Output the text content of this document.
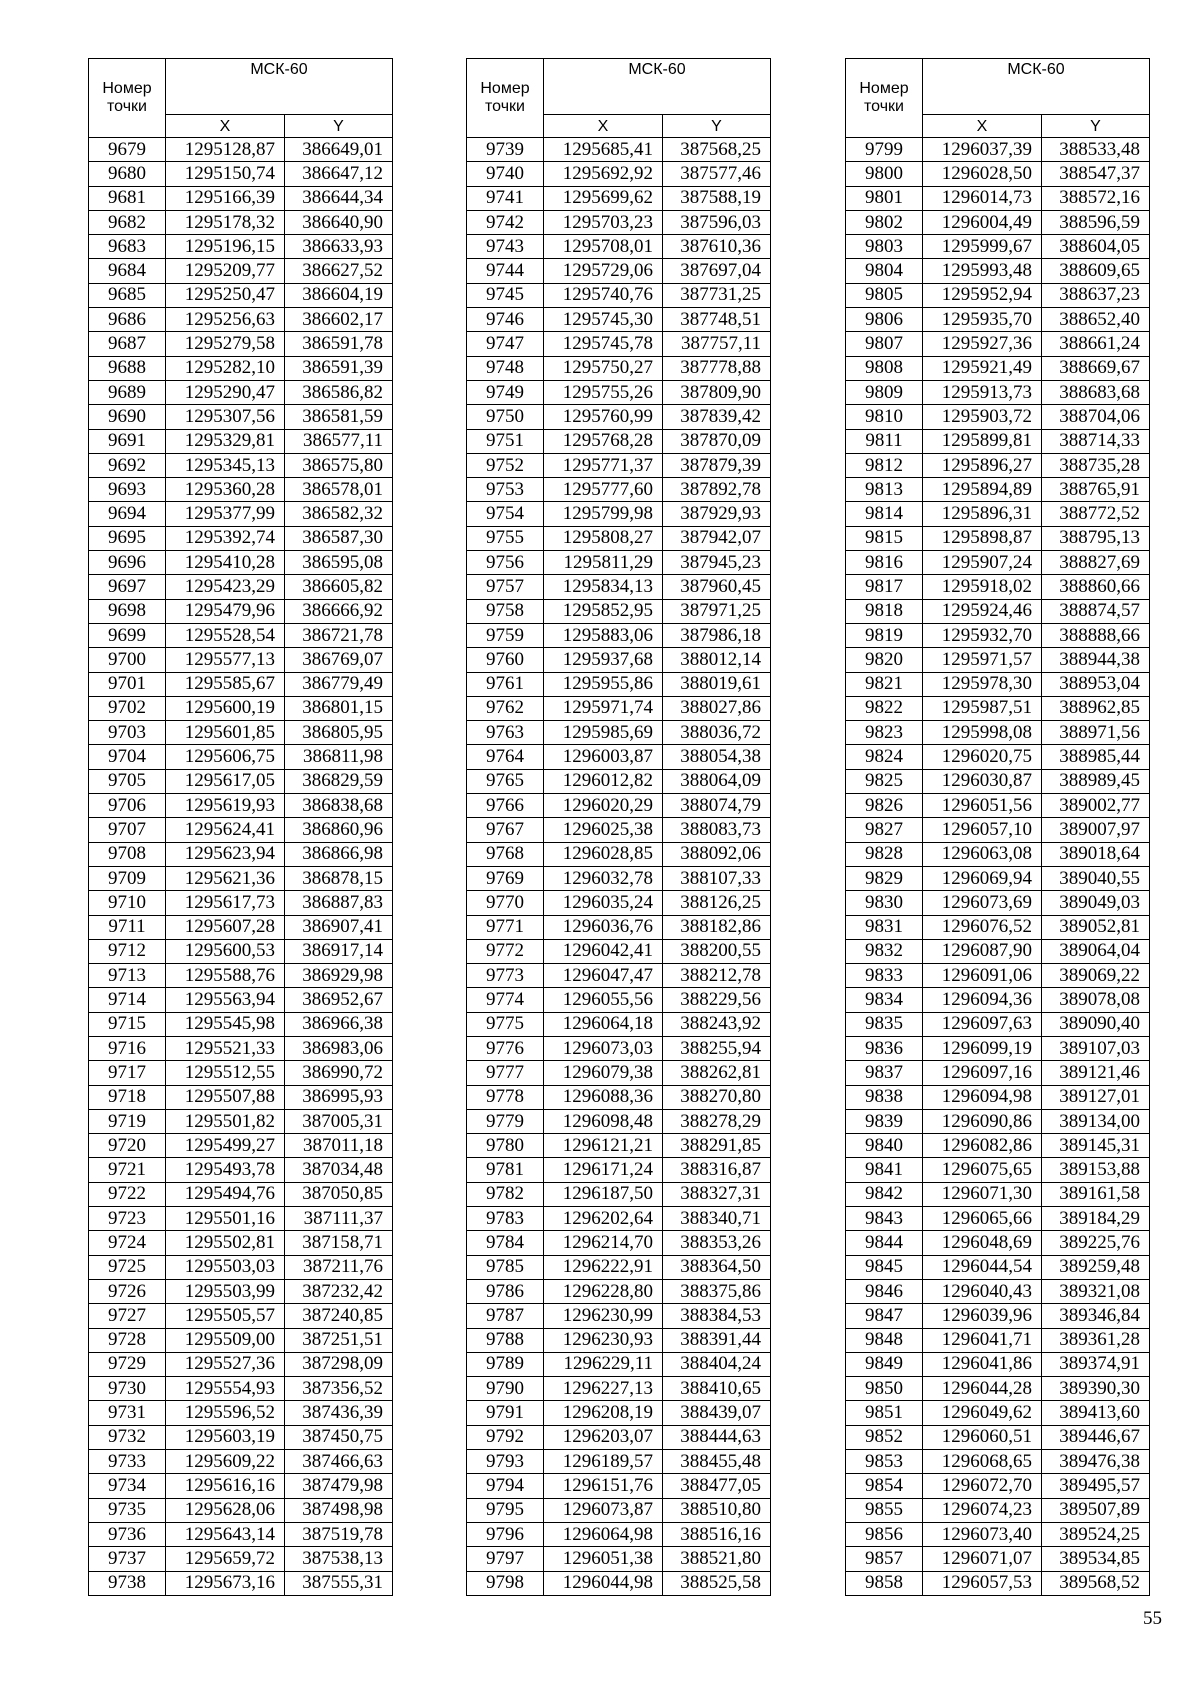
Номер точки	МСК-60	
	X	Y
9679	1295128,87	386649,01
9680	1295150,74	386647,12
9681	1295166,39	386644,34
9682	1295178,32	386640,90
9683	1295196,15	386633,93
9684	1295209,77	386627,52
9685	1295250,47	386604,19
9686	1295256,63	386602,17
9687	1295279,58	386591,78
9688	1295282,10	386591,39
9689	1295290,47	386586,82
9690	1295307,56	386581,59
9691	1295329,81	386577,11
9692	1295345,13	386575,80
9693	1295360,28	386578,01
9694	1295377,99	386582,32
9695	1295392,74	386587,30
9696	1295410,28	386595,08
9697	1295423,29	386605,82
9698	1295479,96	386666,92
9699	1295528,54	386721,78
9700	1295577,13	386769,07
9701	1295585,67	386779,49
9702	1295600,19	386801,15
9703	1295601,85	386805,95
9704	1295606,75	386811,98
9705	1295617,05	386829,59
9706	1295619,93	386838,68
9707	1295624,41	386860,96
9708	1295623,94	386866,98
9709	1295621,36	386878,15
9710	1295617,73	386887,83
9711	1295607,28	386907,41
9712	1295600,53	386917,14
9713	1295588,76	386929,98
9714	1295563,94	386952,67
9715	1295545,98	386966,38
9716	1295521,33	386983,06
9717	1295512,55	386990,72
9718	1295507,88	386995,93
9719	1295501,82	387005,31
9720	1295499,27	387011,18
9721	1295493,78	387034,48
9722	1295494,76	387050,85
9723	1295501,16	387111,37
9724	1295502,81	387158,71
9725	1295503,03	387211,76
9726	1295503,99	387232,42
9727	1295505,57	387240,85
9728	1295509,00	387251,51
9729	1295527,36	387298,09
9730	1295554,93	387356,52
9731	1295596,52	387436,39
9732	1295603,19	387450,75
9733	1295609,22	387466,63
9734	1295616,16	387479,98
9735	1295628,06	387498,98
9736	1295643,14	387519,78
9737	1295659,72	387538,13
9738	1295673,16	387555,31
Номер точки	МСК-60	
	X	Y
9739	1295685,41	387568,25
9740	1295692,92	387577,46
9741	1295699,62	387588,19
9742	1295703,23	387596,03
9743	1295708,01	387610,36
9744	1295729,06	387697,04
9745	1295740,76	387731,25
9746	1295745,30	387748,51
9747	1295745,78	387757,11
9748	1295750,27	387778,88
9749	1295755,26	387809,90
9750	1295760,99	387839,42
9751	1295768,28	387870,09
9752	1295771,37	387879,39
9753	1295777,60	387892,78
9754	1295799,98	387929,93
9755	1295808,27	387942,07
9756	1295811,29	387945,23
9757	1295834,13	387960,45
9758	1295852,95	387971,25
9759	1295883,06	387986,18
9760	1295937,68	388012,14
9761	1295955,86	388019,61
9762	1295971,74	388027,86
9763	1295985,69	388036,72
9764	1296003,87	388054,38
9765	1296012,82	388064,09
9766	1296020,29	388074,79
9767	1296025,38	388083,73
9768	1296028,85	388092,06
9769	1296032,78	388107,33
9770	1296035,24	388126,25
9771	1296036,76	388182,86
9772	1296042,41	388200,55
9773	1296047,47	388212,78
9774	1296055,56	388229,56
9775	1296064,18	388243,92
9776	1296073,03	388255,94
9777	1296079,38	388262,81
9778	1296088,36	388270,80
9779	1296098,48	388278,29
9780	1296121,21	388291,85
9781	1296171,24	388316,87
9782	1296187,50	388327,31
9783	1296202,64	388340,71
9784	1296214,70	388353,26
9785	1296222,91	388364,50
9786	1296228,80	388375,86
9787	1296230,99	388384,53
9788	1296230,93	388391,44
9789	1296229,11	388404,24
9790	1296227,13	388410,65
9791	1296208,19	388439,07
9792	1296203,07	388444,63
9793	1296189,57	388455,48
9794	1296151,76	388477,05
9795	1296073,87	388510,80
9796	1296064,98	388516,16
9797	1296051,38	388521,80
9798	1296044,98	388525,58
Номер точки	МСК-60	
	X	Y
9799	1296037,39	388533,48
9800	1296028,50	388547,37
9801	1296014,73	388572,16
9802	1296004,49	388596,59
9803	1295999,67	388604,05
9804	1295993,48	388609,65
9805	1295952,94	388637,23
9806	1295935,70	388652,40
9807	1295927,36	388661,24
9808	1295921,49	388669,67
9809	1295913,73	388683,68
9810	1295903,72	388704,06
9811	1295899,81	388714,33
9812	1295896,27	388735,28
9813	1295894,89	388765,91
9814	1295896,31	388772,52
9815	1295898,87	388795,13
9816	1295907,24	388827,69
9817	1295918,02	388860,66
9818	1295924,46	388874,57
9819	1295932,70	388888,66
9820	1295971,57	388944,38
9821	1295978,30	388953,04
9822	1295987,51	388962,85
9823	1295998,08	388971,56
9824	1296020,75	388985,44
9825	1296030,87	388989,45
9826	1296051,56	389002,77
9827	1296057,10	389007,97
9828	1296063,08	389018,64
9829	1296069,94	389040,55
9830	1296073,69	389049,03
9831	1296076,52	389052,81
9832	1296087,90	389064,04
9833	1296091,06	389069,22
9834	1296094,36	389078,08
9835	1296097,63	389090,40
9836	1296099,19	389107,03
9837	1296097,16	389121,46
9838	1296094,98	389127,01
9839	1296090,86	389134,00
9840	1296082,86	389145,31
9841	1296075,65	389153,88
9842	1296071,30	389161,58
9843	1296065,66	389184,29
9844	1296048,69	389225,76
9845	1296044,54	389259,48
9846	1296040,43	389321,08
9847	1296039,96	389346,84
9848	1296041,71	389361,28
9849	1296041,86	389374,91
9850	1296044,28	389390,30
9851	1296049,62	389413,60
9852	1296060,51	389446,67
9853	1296068,65	389476,38
9854	1296072,70	389495,57
9855	1296074,23	389507,89
9856	1296073,40	389524,25
9857	1296071,07	389534,85
9858	1296057,53	389568,52
55
